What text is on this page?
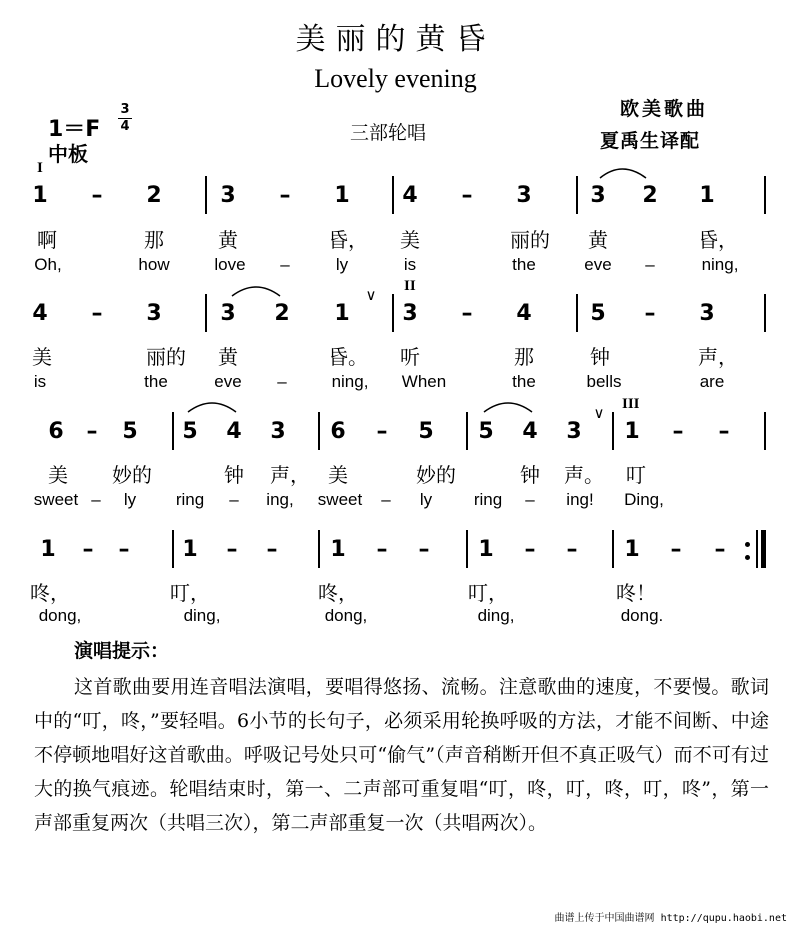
美丽的黄昏
Lovely evening
1＝F
3
4
中板
三部轮唱
欧美歌曲
夏禹生译配
I
II
III
∨
∨
1 – 2	3 – 1 4 – 3	3 2 1
啊	那	黄	昏， 美	丽的 黄	昏，
Oh,	how	love –	ly	is	the	eve –	ning,
4 – 3	3 2 1 3 – 4	5 – 3
美	丽的 黄	昏。 听	那	钟	声，
is	the	eve –	ning, When	the	bells	are
6 – 5 5 4 3 6 – 5 5 4 3 1 – –
美 妙的	钟 声， 美	妙的	钟 声。 叮
sweet – ly ring – ing, sweet – ly ring – ing! Ding,
1 – – 1 – – 1 – – 1 – – 1 – –
咚，	叮，	咚，	叮，	咚！
dong,	ding,	dong,	ding,	dong.
演唱提示：
这首歌曲要用连音唱法演唱，要唱得悠扬、流畅。注意歌曲的速度，不要慢。歌词中的“叮，咚，”要轻唱。6小节的长句子，必须采用轮换呼吸的方法，才能不间断、中途不停顿地唱好这首歌曲。呼吸记号处只可“偷气”（声音稍断开但不真正吸气）而不可有过大的换气痕迹。轮唱结束时，第一、二声部可重复唱“叮，咚，叮，咚，叮，咚”，第一声部重复两次（共唱三次），第二声部重复一次（共唱两次）。
曲谱上传于中国曲谱网 http://qupu.haobi.net
